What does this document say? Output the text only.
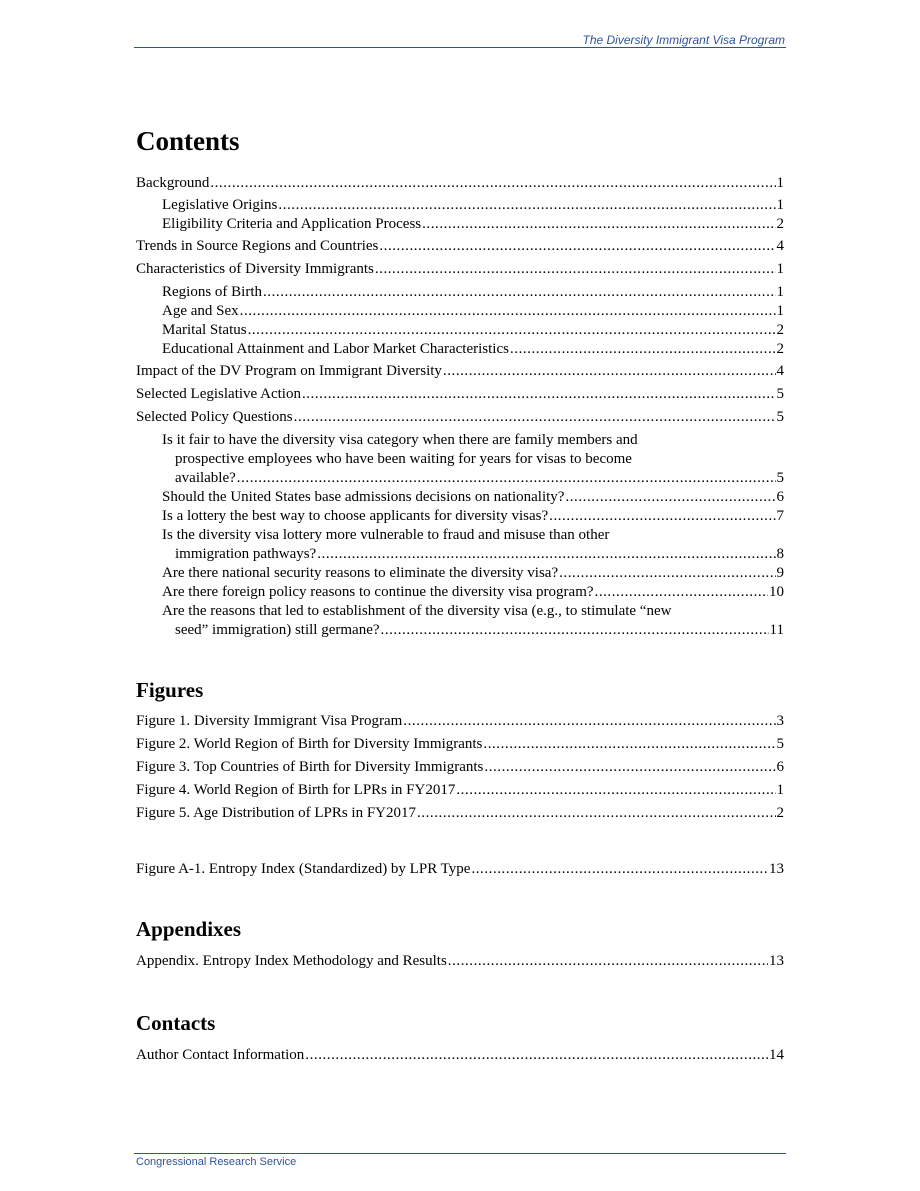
The Diversity Immigrant Visa Program
Contents
Background . . .	1
Legislative Origins . . .	1
Eligibility Criteria and Application Process . . .	2
Trends in Source Regions and Countries . . .	4
Characteristics of Diversity Immigrants . . .	1
Regions of Birth . . .	1
Age and Sex . . .	1
Marital Status . . .	2
Educational Attainment and Labor Market Characteristics . . .	2
Impact of the DV Program on Immigrant Diversity . . .	4
Selected Legislative Action . . .	5
Selected Policy Questions . . .	5
Is it fair to have the diversity visa category when there are family members and
prospective employees who have been waiting for years for visas to become
available? . . .	5
Should the United States base admissions decisions on nationality? . . .	6
Is a lottery the best way to choose applicants for diversity visas? . . .	7
Is the diversity visa lottery more vulnerable to fraud and misuse than other
immigration pathways? . . .	8
Are there national security reasons to eliminate the diversity visa? . . .	9
Are there foreign policy reasons to continue the diversity visa program? . . .	10
Are the reasons that led to establishment of the diversity visa (e.g., to stimulate “new
seed” immigration) still germane? . . .	11
Figures
Figure 1. Diversity Immigrant Visa Program . . .	3
Figure 2. World Region of Birth for Diversity Immigrants . . .	5
Figure 3. Top Countries of Birth for Diversity Immigrants . . .	6
Figure 4. World Region of Birth for LPRs in FY2017 . . .	1
Figure 5. Age Distribution of LPRs in FY2017 . . .	2
Figure A-1. Entropy Index (Standardized) by LPR Type . . .	13
Appendixes
Appendix. Entropy Index Methodology and Results . . .	13
Contacts
Author Contact Information . . .	14
Congressional Research Service
